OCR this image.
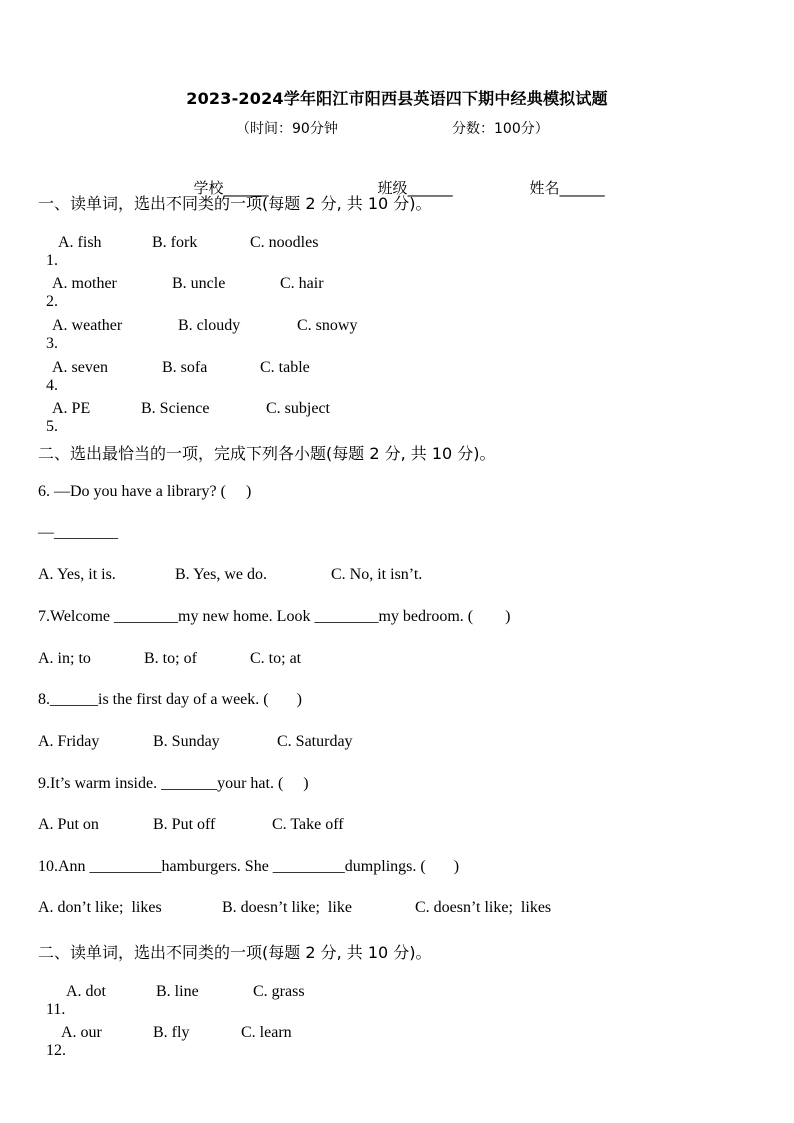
2023-2024学年阳江市阳西县英语四下期中经典模拟试题
（时间：90分钟	分数：100分）

学校______	班级______	姓名______

一、读单词，选出不同类的一项(每题 2 分, 共 10 分)。

1.

A. fish	B. fork	C. noodles

2.

A. mother	B. uncle	C. hair

3.

A. weather	B. cloudy	C. snowy

4.

A. seven	B. sofa	C. table

5.

A. PE	B. Science	C. subject
二、选出最恰当的一项，完成下列各小题(每题 2 分, 共 10 分)。
6. —Do you have a library? (     )
—________
A. Yes, it is.	B. Yes, we do.	C. No, it isn’t.
7.Welcome ________my new home. Look ________my bedroom. (        )
A. in; to	B. to; of	C. to; at
8.______is the first day of a week. (       )
A. Friday	B. Sunday	C. Saturday
9.It’s warm inside. _______your hat. (     )
A. Put on	B. Put off	C. Take off
10.Ann _________hamburgers. She _________dumplings. (       )
A. don’t like;  likes	B. doesn’t like;  like	C. doesn’t like;  likes
二、读单词，选出不同类的一项(每题 2 分, 共 10 分)。

11.

A. dot	B. line	C. grass

12.

A. our	B. fly	C. learn
